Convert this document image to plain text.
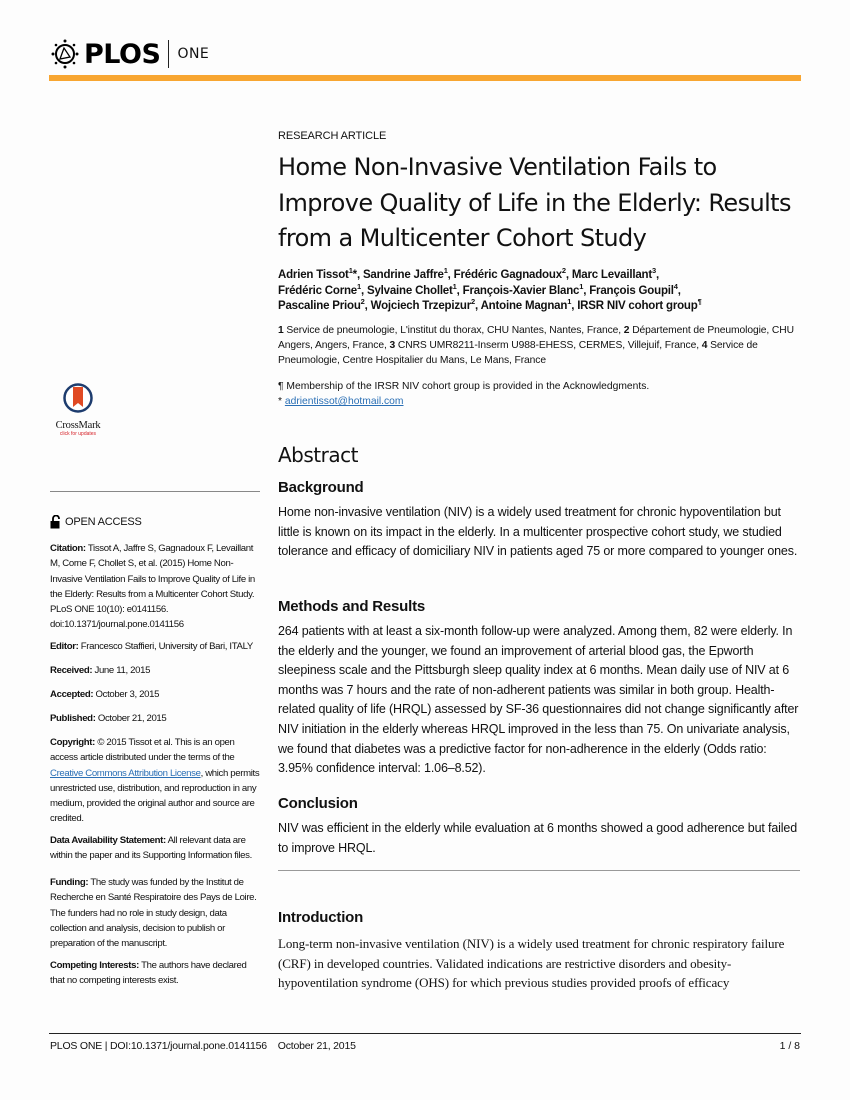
PLOS ONE
CrossMark
click for updates
OPEN ACCESS

Citation: Tissot A, Jaffre S, Gagnadoux F, Levaillant M, Corne F, Chollet S, et al. (2015) Home Non-Invasive Ventilation Fails to Improve Quality of Life in the Elderly: Results from a Multicenter Cohort Study. PLoS ONE 10(10): e0141156. doi:10.1371/journal.pone.0141156

Editor: Francesco Staffieri, University of Bari, ITALY

Received: June 11, 2015

Accepted: October 3, 2015

Published: October 21, 2015

Copyright: © 2015 Tissot et al. This is an open access article distributed under the terms of the Creative Commons Attribution License, which permits unrestricted use, distribution, and reproduction in any medium, provided the original author and source are credited.

Data Availability Statement: All relevant data are within the paper and its Supporting Information files.

Funding: The study was funded by the Institut de Recherche en Santé Respiratoire des Pays de Loire. The funders had no role in study design, data collection and analysis, decision to publish or preparation of the manuscript.

Competing Interests: The authors have declared that no competing interests exist.

RESEARCH ARTICLE
Home Non-Invasive Ventilation Fails to Improve Quality of Life in the Elderly: Results from a Multicenter Cohort Study
Adrien Tissot$^1$*, Sandrine Jaffre$^1$, Frédéric Gagnadoux$^2$, Marc Levaillant$^3$,
Frédéric Corne$^1$, Sylvaine Chollet$^1$, François-Xavier Blanc$^1$, François Goupil$^4$,
Pascaline Priou$^2$, Wojciech Trzepizur$^2$, Antoine Magnan$^1$, IRSR NIV cohort group¶
1 Service de pneumologie, L'institut du thorax, CHU Nantes, Nantes, France, 2 Département de Pneumologie, CHU Angers, Angers, France, 3 CNRS UMR8211-Inserm U988-EHESS, CERMES, Villejuif, France, 4 Service de Pneumologie, Centre Hospitalier du Mans, Le Mans, France
¶ Membership of the IRSR NIV cohort group is provided in the Acknowledgments.
* adrientissot@hotmail.com
Abstract
Background

Home non-invasive ventilation (NIV) is a widely used treatment for chronic hypoventilation but little is known on its impact in the elderly. In a multicenter prospective cohort study, we studied tolerance and efficacy of domiciliary NIV in patients aged 75 or more compared to younger ones.

Methods and Results

264 patients with at least a six-month follow-up were analyzed. Among them, 82 were elderly. In the elderly and the younger, we found an improvement of arterial blood gas, the Epworth sleepiness scale and the Pittsburgh sleep quality index at 6 months. Mean daily use of NIV at 6 months was 7 hours and the rate of non-adherent patients was similar in both group. Health-related quality of life (HRQL) assessed by SF-36 questionnaires did not change significantly after NIV initiation in the elderly whereas HRQL improved in the less than 75. On univariate analysis, we found that diabetes was a predictive factor for non-adherence in the elderly (Odds ratio: 3.95% confidence interval: 1.06–8.52).

Conclusion

NIV was efficient in the elderly while evaluation at 6 months showed a good adherence but failed to improve HRQL.

Introduction

Long-term non-invasive ventilation (NIV) is a widely used treatment for chronic respiratory failure (CRF) in developed countries. Validated indications are restrictive disorders and obesity-hypoventilation syndrome (OHS) for which previous studies provided proofs of efficacy

PLOS ONE | DOI:10.1371/journal.pone.0141156    October 21, 2015	1 / 8
